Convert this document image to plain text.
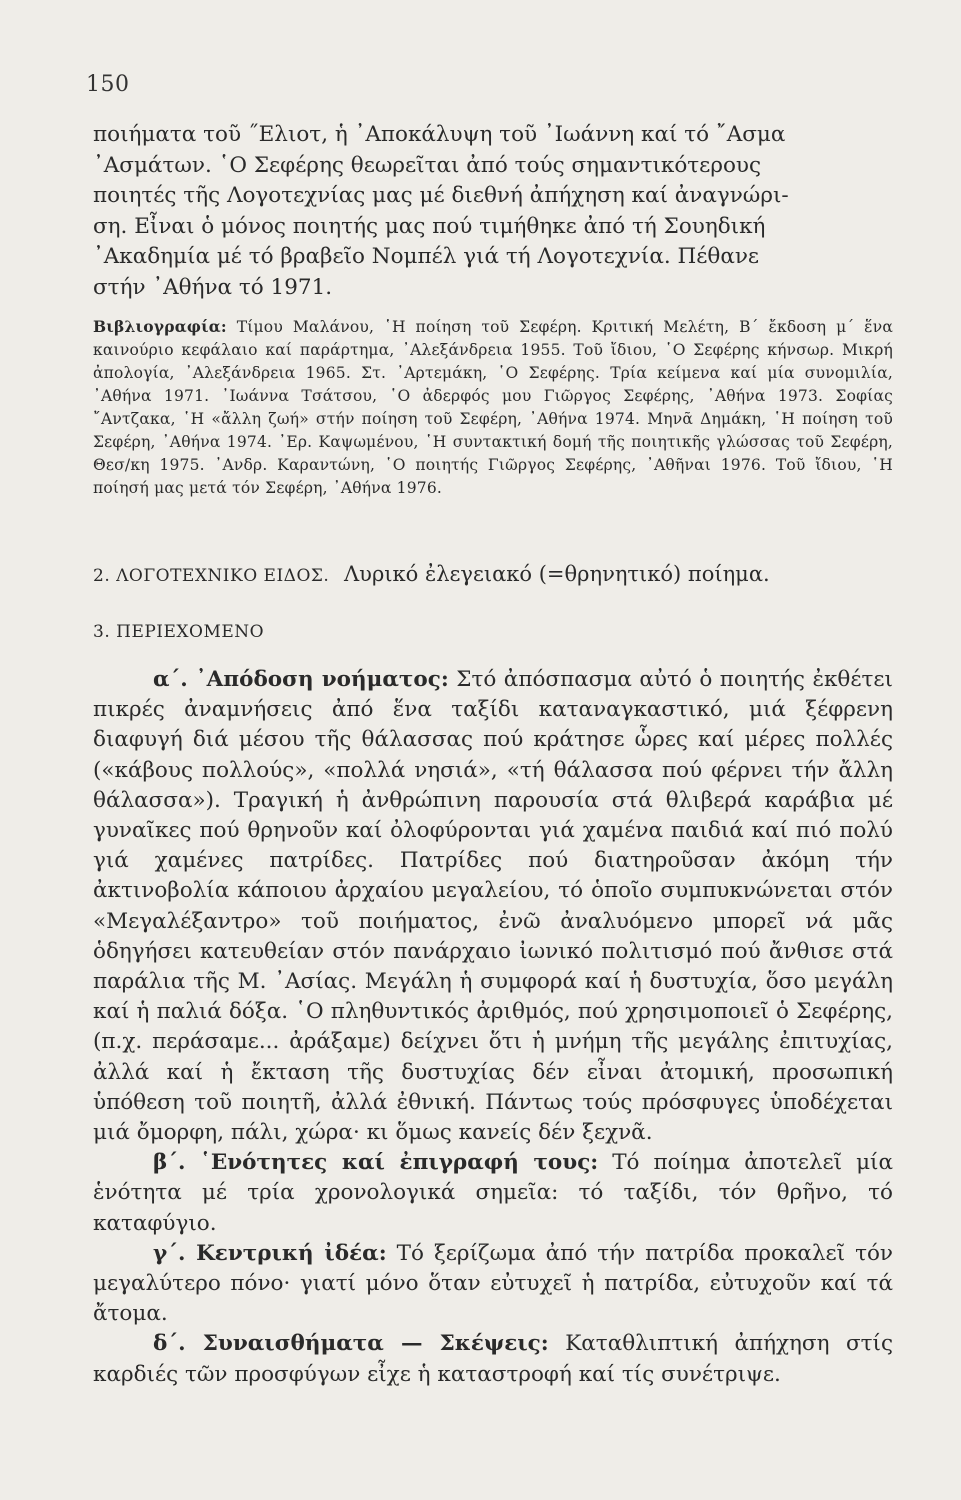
150
ποιήματα τοῦ ˝Ελιοτ, ἡ ᾿Αποκάλυψη τοῦ ᾿Ιωάννη καί τό ῎Ασμα
᾿Ασμάτων. ῾Ο Σεφέρης θεωρεῖται ἀπό τούς σημαντικότερους
ποιητές τῆς Λογοτεχνίας μας μέ διεθνή ἀπήχηση καί ἀναγνώρι-
ση. Εἶναι ὁ μόνος ποιητής μας πού τιμήθηκε ἀπό τή Σουηδική
᾿Ακαδημία μέ τό βραβεῖο Νομπέλ γιά τή Λογοτεχνία. Πέθανε
στήν ᾿Αθήνα τό 1971.
Βιβλιογραφία: Τίμου Μαλάνου, ῾Η ποίηση τοῦ Σεφέρη. Κριτική Μελέτη, Β΄ ἔκδοση μ΄ ἕνα καινούριο κεφάλαιο καί παράρτημα, ᾿Αλεξάνδρεια 1955. Τοῦ ἴδιου, ῾Ο Σεφέρης κήνσωρ. Μικρή ἀπολογία, ᾿Αλεξάνδρεια 1965. Στ. ᾿Αρτεμάκη, ῾Ο Σεφέρης. Τρία κείμενα καί μία συνομιλία, ᾿Αθήνα 1971. ᾿Ιωάννα Τσάτσου, ῾Ο ἀδερφός μου Γιῶργος Σεφέρης, ᾿Αθήνα 1973. Σοφίας ῎Αντζακα, ῾Η «ἄλλη ζωή» στήν ποίηση τοῦ Σεφέρη, ᾿Αθήνα 1974. Μηνᾶ Δημάκη, ῾Η ποίηση τοῦ Σεφέρη, ᾿Αθήνα 1974. ᾿Ερ. Καψωμένου, ῾Η συντακτική δομή τῆς ποιητικῆς γλώσσας τοῦ Σεφέρη, Θεσ/κη 1975. ᾿Ανδρ. Καραντώνη, ῾Ο ποιητής Γιῶργος Σεφέρης, ᾿Αθῆναι 1976. Τοῦ ἴδιου, ῾Η ποίησή μας μετά τόν Σεφέρη, ᾿Αθήνα 1976.
2. ΛΟΓΟΤΕΧΝΙΚΟ ΕΙΔΟΣ. Λυρικό ἐλεγειακό (=θρηνητικό) ποίημα.
3. ΠΕΡΙΕΧΟΜΕΝΟ

α΄. ᾿Απόδοση νοήματος: Στό ἀπόσπασμα αὐτό ὁ ποιητής ἐκθέτει πικρές ἀναμνήσεις ἀπό ἕνα ταξίδι καταναγκαστικό, μιά ξέφρενη διαφυγή διά μέσου τῆς θάλασσας πού κράτησε ὧρες καί μέρες πολλές («κάβους πολλούς», «πολλά νησιά», «τή θάλασσα πού φέρνει τήν ἄλλη θάλασσα»). Τραγική ἡ ἀνθρώπινη παρουσία στά θλιβερά καράβια μέ γυναῖκες πού θρηνοῦν καί ὀλοφύρονται γιά χαμένα παιδιά καί πιό πολύ γιά χαμένες πατρίδες. Πατρίδες πού διατηροῦσαν ἀκόμη τήν ἀκτινοβολία κάποιου ἀρχαίου μεγαλείου, τό ὁποῖο συμπυκνώνεται στόν «Μεγαλέξαντρο» τοῦ ποιήματος, ἐνῶ ἀναλυόμενο μπορεῖ νά μᾶς ὁδηγήσει κατευθείαν στόν πανάρχαιο ἰωνικό πολιτισμό πού ἄνθισε στά παράλια τῆς Μ. ᾿Ασίας. Μεγάλη ἡ συμφορά καί ἡ δυστυχία, ὅσο μεγάλη καί ἡ παλιά δόξα. ῾Ο πληθυντικός ἀριθμός, πού χρησιμοποιεῖ ὁ Σεφέρης, (π.χ. περάσαμε... ἀράξαμε) δείχνει ὅτι ἡ μνήμη τῆς μεγάλης ἐπιτυχίας, ἀλλά καί ἡ ἔκταση τῆς δυστυχίας δέν εἶναι ἀτομική, προσωπική ὑπόθεση τοῦ ποιητῆ, ἀλλά ἐθνική. Πάντως τούς πρόσφυγες ὑποδέχεται μιά ὄμορφη, πάλι, χώρα· κι ὅμως κανείς δέν ξεχνᾶ.

β΄. ῾Ενότητες καί ἐπιγραφή τους: Τό ποίημα ἀποτελεῖ μία ἑνότητα μέ τρία χρονολογικά σημεῖα: τό ταξίδι, τόν θρῆνο, τό καταφύγιο.

γ΄. Κεντρική ἰδέα: Τό ξερίζωμα ἀπό τήν πατρίδα προκαλεῖ τόν μεγαλύτερο πόνο· γιατί μόνο ὅταν εὐτυχεῖ ἡ πατρίδα, εὐτυχοῦν καί τά ἄτομα.

δ΄. Συναισθήματα — Σκέψεις: Καταθλιπτική ἀπήχηση στίς καρδιές τῶν προσφύγων εἶχε ἡ καταστροφή καί τίς συνέτριψε.
